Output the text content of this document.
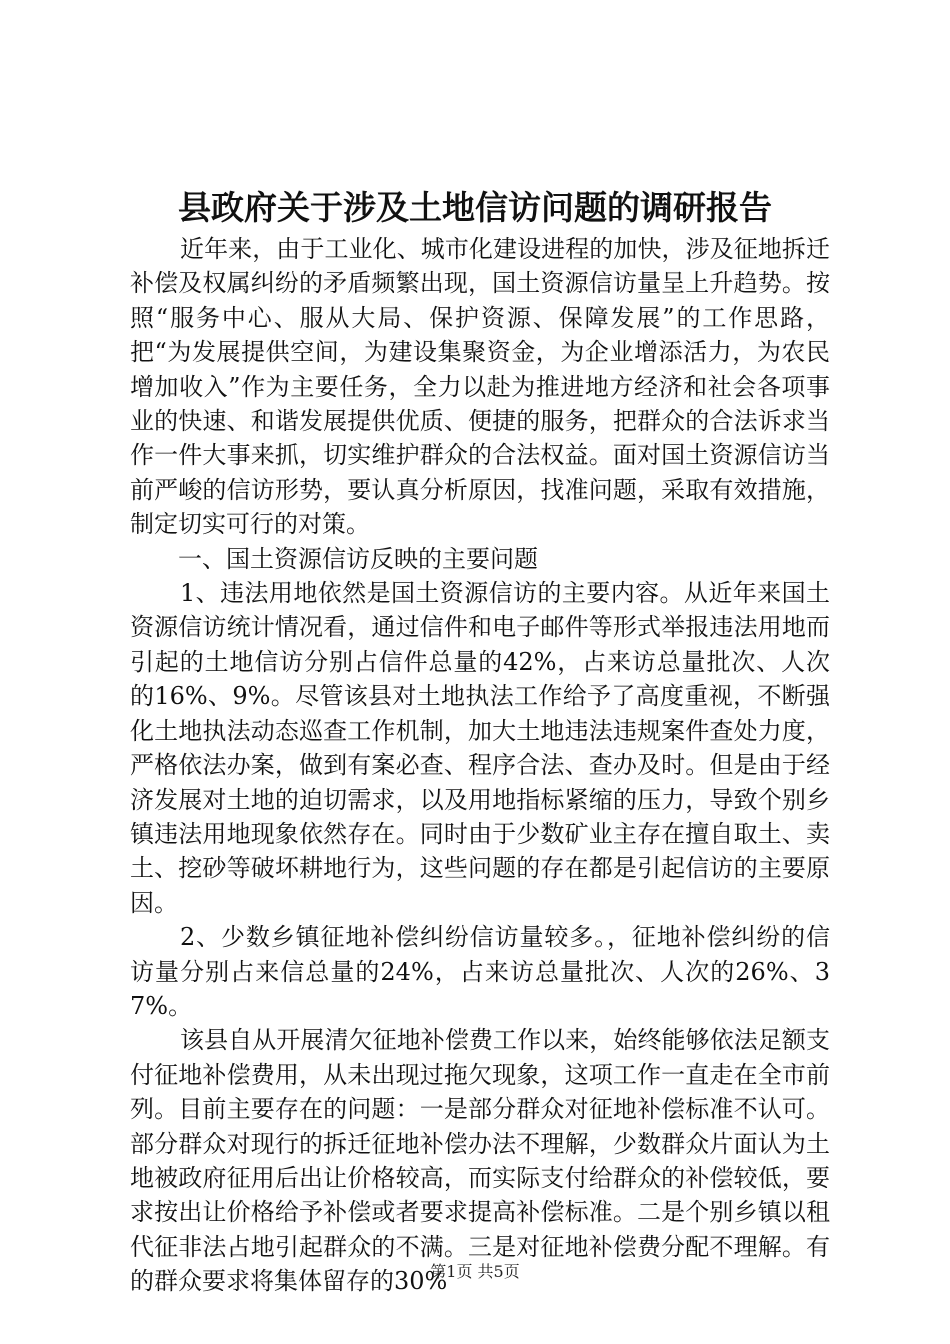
县政府关于涉及土地信访问题的调研报告

近年来，由于工业化、城市化建设进程的加快，涉及征地拆迁补偿及权属纠纷的矛盾频繁出现，国土资源信访量呈上升趋势。按照“服务中心、服从大局、保护资源、保障发展”的工作思路，把“为发展提供空间，为建设集聚资金，为企业增添活力，为农民增加收入”作为主要任务，全力以赴为推进地方经济和社会各项事业的快速、和谐发展提供优质、便捷的服务，把群众的合法诉求当作一件大事来抓，切实维护群众的合法权益。面对国土资源信访当前严峻的信访形势，要认真分析原因，找准问题，采取有效措施，制定切实可行的对策。

一、国土资源信访反映的主要问题

1、违法用地依然是国土资源信访的主要内容。从近年来国土资源信访统计情况看，通过信件和电子邮件等形式举报违法用地而引起的土地信访分别占信件总量的42%，占来访总量批次、人次的16%、9%。尽管该县对土地执法工作给予了高度重视，不断强化土地执法动态巡查工作机制，加大土地违法违规案件查处力度，严格依法办案，做到有案必查、程序合法、查办及时。但是由于经济发展对土地的迫切需求，以及用地指标紧缩的压力，导致个别乡镇违法用地现象依然存在。同时由于少数矿业主存在擅自取土、卖土、挖砂等破坏耕地行为，这些问题的存在都是引起信访的主要原因。

2、少数乡镇征地补偿纠纷信访量较多。，征地补偿纠纷的信访量分别占来信总量的24%，占来访总量批次、人次的26%、37%。

该县自从开展清欠征地补偿费工作以来，始终能够依法足额支付征地补偿费用，从未出现过拖欠现象，这项工作一直走在全市前列。目前主要存在的问题：一是部分群众对征地补偿标准不认可。部分群众对现行的拆迁征地补偿办法不理解，少数群众片面认为土地被政府征用后出让价格较高，而实际支付给群众的补偿较低，要求按出让价格给予补偿或者要求提高补偿标准。二是个别乡镇以租代征非法占地引起群众的不满。三是对征地补偿费分配不理解。有的群众要求将集体留存的30%

第1页 共5页
